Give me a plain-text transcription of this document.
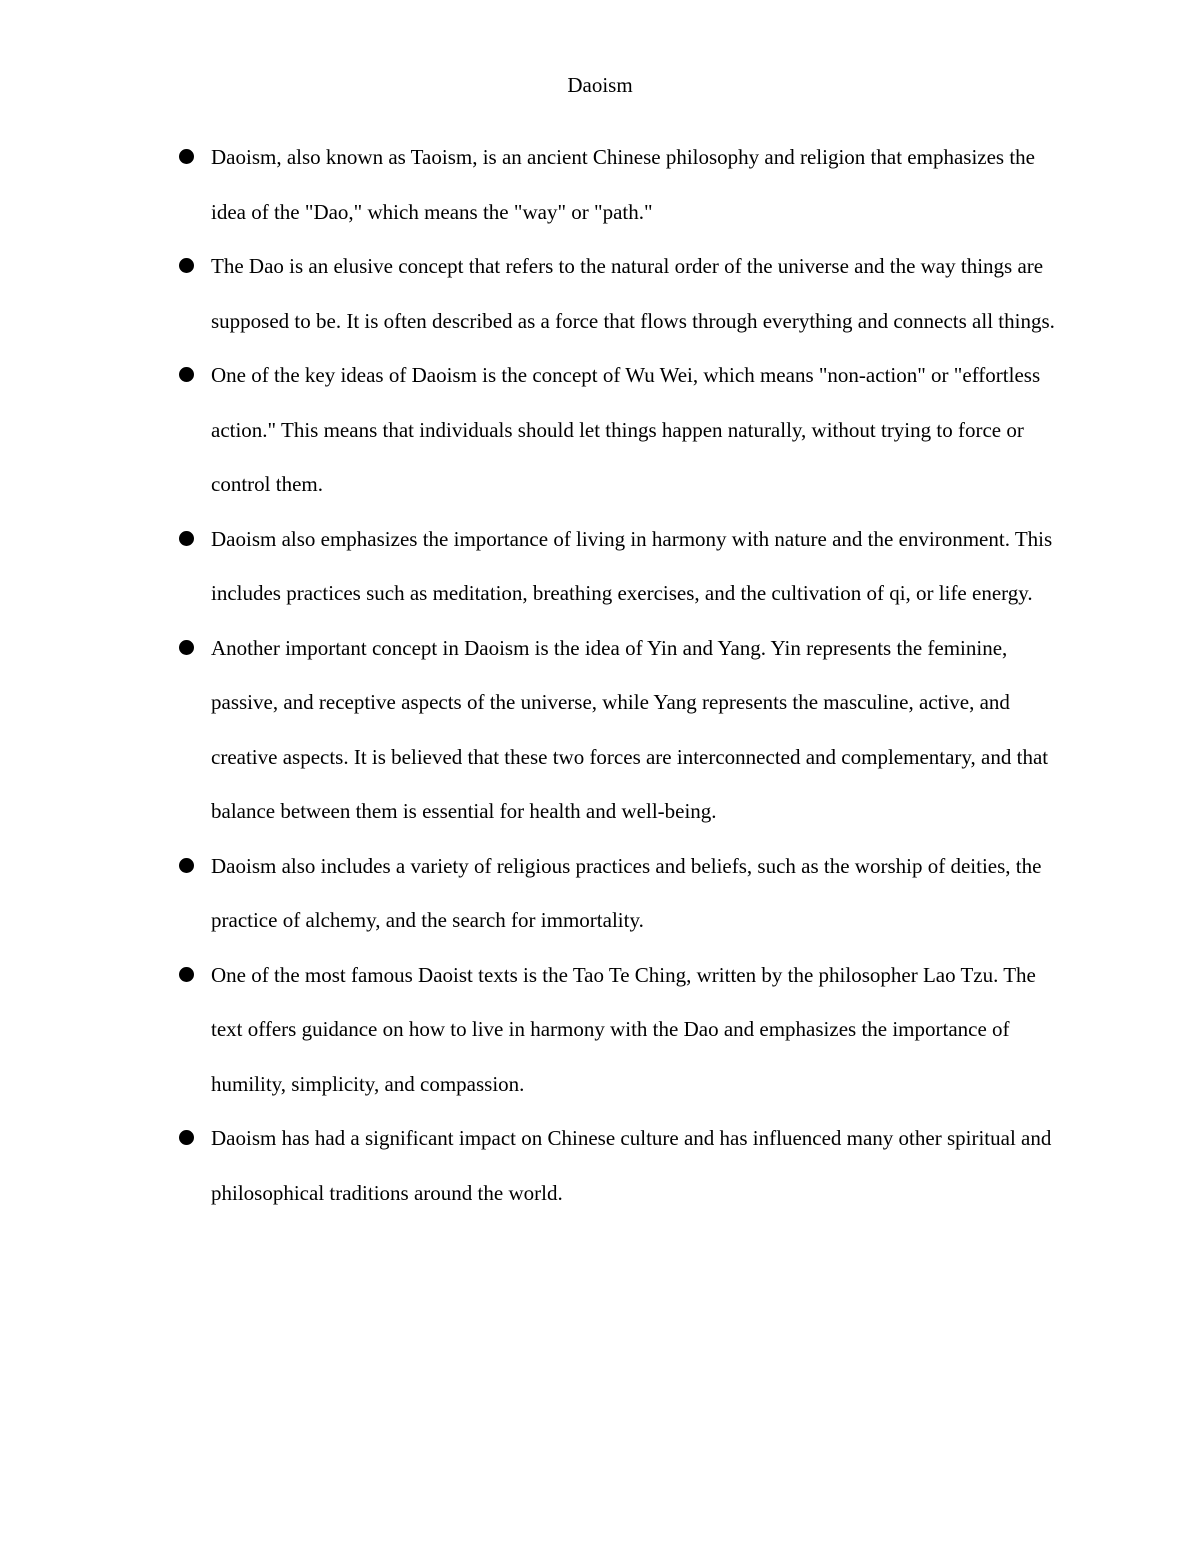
Daoism
Daoism, also known as Taoism, is an ancient Chinese philosophy and religion that emphasizes the idea of the "Dao," which means the "way" or "path."
The Dao is an elusive concept that refers to the natural order of the universe and the way things are supposed to be. It is often described as a force that flows through everything and connects all things.
One of the key ideas of Daoism is the concept of Wu Wei, which means "non-action" or "effortless action." This means that individuals should let things happen naturally, without trying to force or control them.
Daoism also emphasizes the importance of living in harmony with nature and the environment. This includes practices such as meditation, breathing exercises, and the cultivation of qi, or life energy.
Another important concept in Daoism is the idea of Yin and Yang. Yin represents the feminine, passive, and receptive aspects of the universe, while Yang represents the masculine, active, and creative aspects. It is believed that these two forces are interconnected and complementary, and that balance between them is essential for health and well-being.
Daoism also includes a variety of religious practices and beliefs, such as the worship of deities, the practice of alchemy, and the search for immortality.
One of the most famous Daoist texts is the Tao Te Ching, written by the philosopher Lao Tzu. The text offers guidance on how to live in harmony with the Dao and emphasizes the importance of humility, simplicity, and compassion.
Daoism has had a significant impact on Chinese culture and has influenced many other spiritual and philosophical traditions around the world.
